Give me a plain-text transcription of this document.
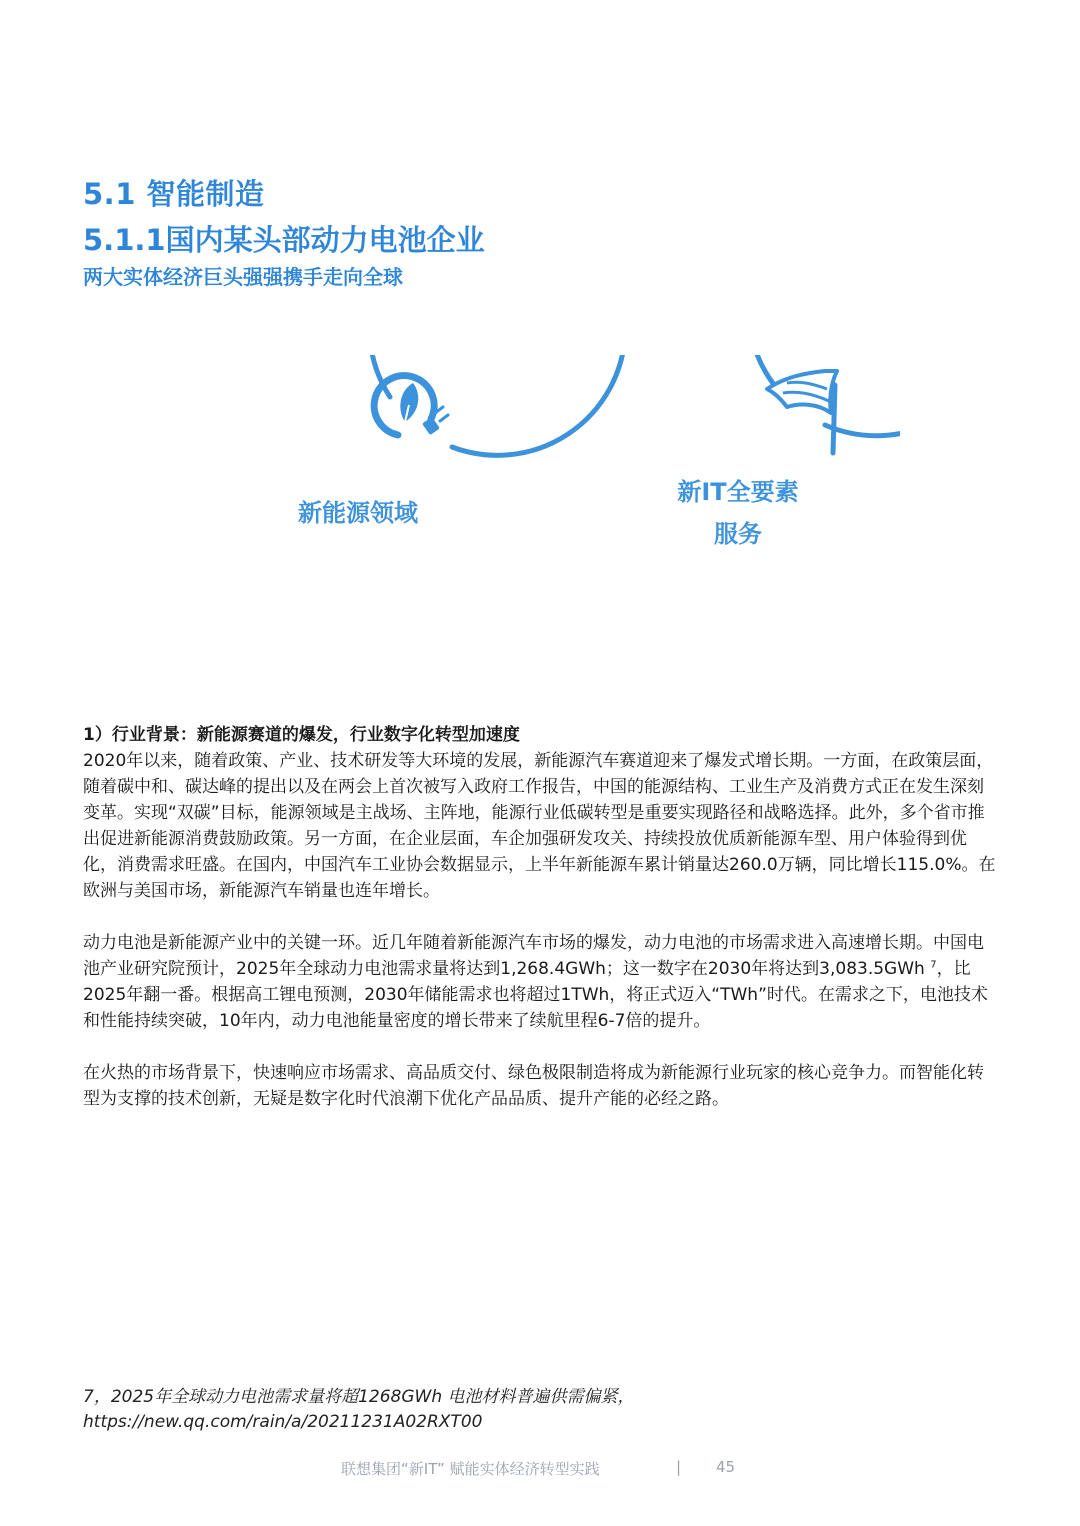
5.1 智能制造
5.1.1国内某头部动力电池企业
两大实体经济巨头强强携手走向全球
新能源领域
新IT全要素
服务

1）行业背景：新能源赛道的爆发，行业数字化转型加速度

2020年以来，随着政策、产业、技术研发等大环境的发展，新能源汽车赛道迎来了爆发式增长期。一方面，在政策层面，随着碳中和、碳达峰的提出以及在两会上首次被写入政府工作报告，中国的能源结构、工业生产及消费方式正在发生深刻变革。实现“双碳”目标，能源领域是主战场、主阵地，能源行业低碳转型是重要实现路径和战略选择。此外，多个省市推出促进新能源消费鼓励政策。另一方面，在企业层面，车企加强研发攻关、持续投放优质新能源车型、用户体验得到优化，消费需求旺盛。在国内，中国汽车工业协会数据显示，上半年新能源车累计销量达260.0万辆，同比增长115.0%。在欧洲与美国市场，新能源汽车销量也连年增长。

动力电池是新能源产业中的关键一环。近几年随着新能源汽车市场的爆发，动力电池的市场需求进入高速增长期。中国电池产业研究院预计，2025年全球动力电池需求量将达到1,268.4GWh；这一数字在2030年将达到3,083.5GWh $^7$，比2025年翻一番。根据高工锂电预测，2030年储能需求也将超过1TWh，将正式迈入“TWh”时代。在需求之下，电池技术和性能持续突破，10年内，动力电池能量密度的增长带来了续航里程6-7倍的提升。

在火热的市场背景下，快速响应市场需求、高品质交付、绿色极限制造将成为新能源行业玩家的核心竞争力。而智能化转型为支撑的技术创新，无疑是数字化时代浪潮下优化产品品质、提升产能的必经之路。

7，2025年全球动力电池需求量将超1268GWh 电池材料普遍供需偏紧，
https://new.qq.com/rain/a/20211231A02RXT00
联想集团“新IT” 赋能实体经济转型实践	| 45
